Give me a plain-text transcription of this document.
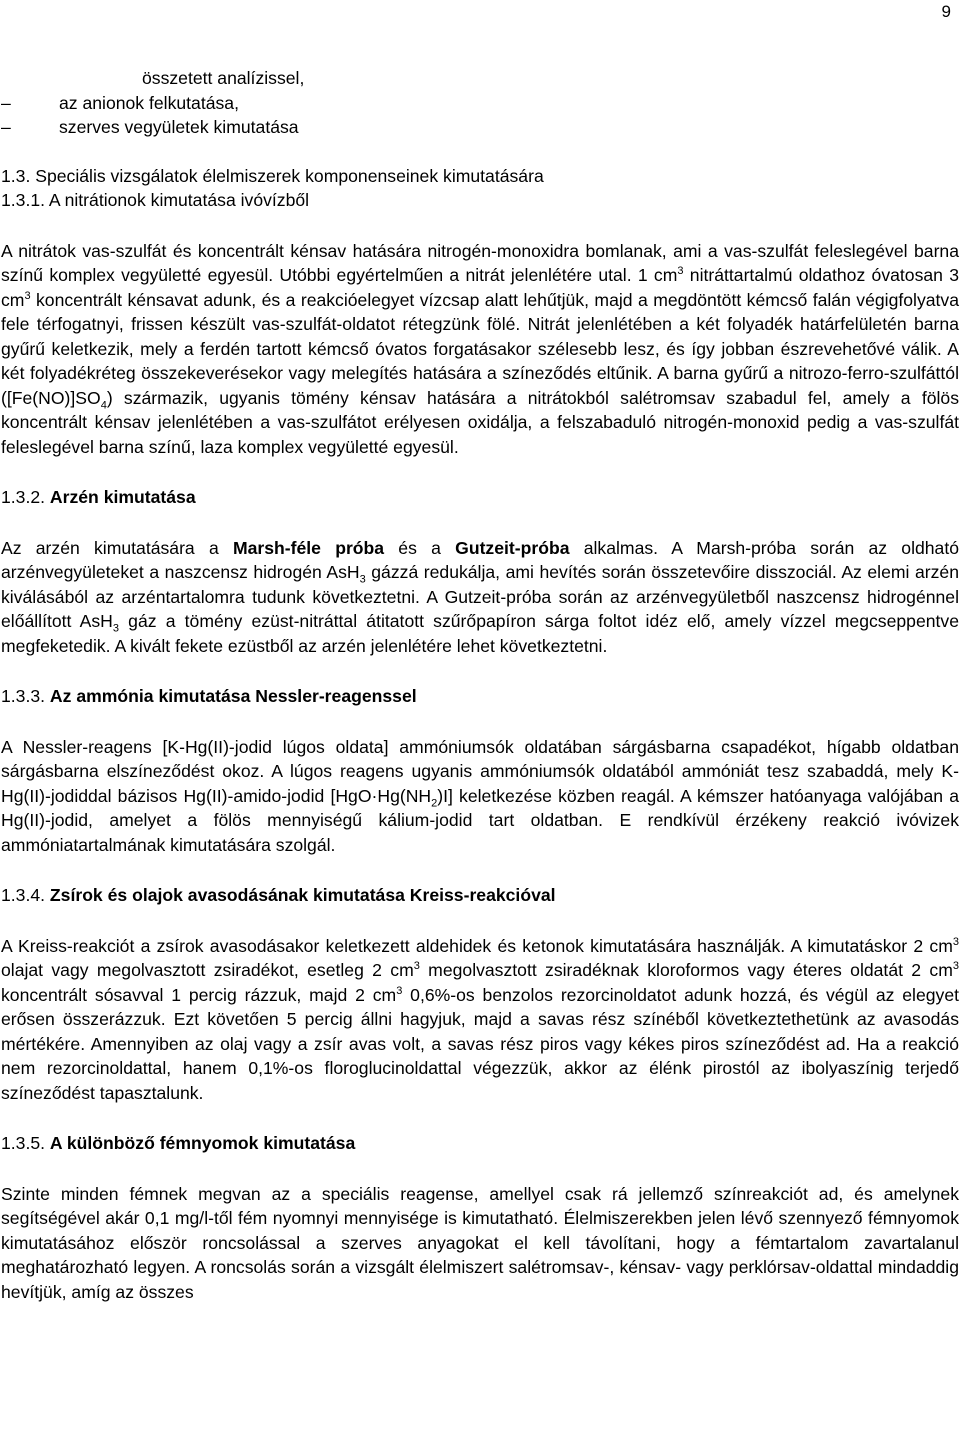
9
összetett analízissel,
–	az anionok felkutatása,
–	szerves vegyületek kimutatása
1.3. Speciális vizsgálatok élelmiszerek komponenseinek kimutatására
1.3.1. A nitrátionok kimutatása ivóvízből

A nitrátok vas-szulfát és koncentrált kénsav hatására nitrogén-monoxidra bomlanak, ami a vas-szulfát feleslegével barna színű komplex vegyületté egyesül. Utóbbi egyértelműen a nitrát jelenlétére utal. 1 $cm^3$ nitráttartalmú oldathoz óvatosan 3 $cm^3$ koncentrált kénsavat adunk, és a reakcióelegyet vízcsap alatt lehűtjük, majd a megdöntött kémcső falán végigfolyatva fele térfogatnyi, frissen készült vas-szulfát-oldatot rétegzünk fölé. Nitrát jelenlétében a két folyadék határfelületén barna gyűrű keletkezik, mely a ferdén tartott kémcső óvatos forgatásakor szélesebb lesz, és így jobban észrevehetővé válik. A két folyadékréteg összekeverésekor vagy melegítés hatására a színeződés eltűnik. A barna gyűrű a nitrozo-ferro-szulfáttól $([Fe(NO)]SO_4)$ származik, ugyanis tömény kénsav hatására a nitrátokból salétromsav szabadul fel, amely a fölös koncentrált kénsav jelenlétében a vas-szulfátot erélyesen oxidálja, a felszabaduló nitrogén-monoxid pedig a vas-szulfát feleslegével barna színű, laza komplex vegyületté egyesül.

1.3.2. Arzén kimutatása

Az arzén kimutatására a Marsh-féle próba és a Gutzeit-próba alkalmas. A Marsh-próba során az oldható arzénvegyületeket a naszcensz hidrogén AsH$_3$ gázzá redukálja, ami hevítés során összetevőire disszociál. Az elemi arzén kiválásából az arzéntartalomra tudunk következtetni. A Gutzeit-próba során az arzénvegyületből naszcensz hidrogénnel előállított AsH$_3$ gáz a tömény ezüst-nitráttal átitatott szűrőpapíron sárga foltot idéz elő, amely vízzel megcseppentve megfeketedik. A kivált fekete ezüstből az arzén jelenlétére lehet következtetni.

1.3.3. Az ammónia kimutatása Nessler-reagenssel

A Nessler-reagens [K-Hg(II)-jodid lúgos oldata] ammóniumsók oldatában sárgásbarna csapadékot, hígabb oldatban sárgásbarna elszíneződést okoz. A lúgos reagens ugyanis ammóniumsók oldatából ammóniát tesz szabaddá, mely K-Hg(II)-jodiddal bázisos Hg(II)-amido-jodid $[HgO\cdot Hg(NH_2)I]$ keletkezése közben reagál. A kémszer hatóanyaga valójában a Hg(II)-jodid, amelyet a fölös mennyiségű kálium-jodid tart oldatban. E rendkívül érzékeny reakció ivóvizek ammóniatartalmának kimutatására szolgál.

1.3.4. Zsírok és olajok avasodásának kimutatása Kreiss-reakcióval

A Kreiss-reakciót a zsírok avasodásakor keletkezett aldehidek és ketonok kimutatására használják. A kimutatáskor 2 $cm^3$ olajat vagy megolvasztott zsiradékot, esetleg 2 $cm^3$ megolvasztott zsiradéknak kloroformos vagy éteres oldatát 2 $cm^3$ koncentrált sósavval 1 percig rázzuk, majd 2 $cm^3$ 0,6%-os benzolos rezorcinoldatot adunk hozzá, és végül az elegyet erősen összerázzuk. Ezt követően 5 percig állni hagyjuk, majd a savas rész színéből következtethetünk az avasodás mértékére. Amennyiben az olaj vagy a zsír avas volt, a savas rész piros vagy kékes piros színeződést ad. Ha a reakció nem rezorcinoldattal, hanem 0,1%-os floroglucinoldattal végezzük, akkor az élénk pirostól az ibolyaszínig terjedő színeződést tapasztalunk.

1.3.5. A különböző fémnyomok kimutatása

Szinte minden fémnek megvan az a speciális reagense, amellyel csak rá jellemző színreakciót ad, és amelynek segítségével akár 0,1 mg/l-től fém nyomnyi mennyisége is kimutatható. Élelmiszerekben jelen lévő szennyező fémnyomok kimutatásához először roncsolással a szerves anyagokat el kell távolítani, hogy a fémtartalom zavartalanul meghatározható legyen. A roncsolás során a vizsgált élelmiszert salétromsav-, kénsav- vagy perklórsav-oldattal mindaddig hevítjük, amíg az összes
